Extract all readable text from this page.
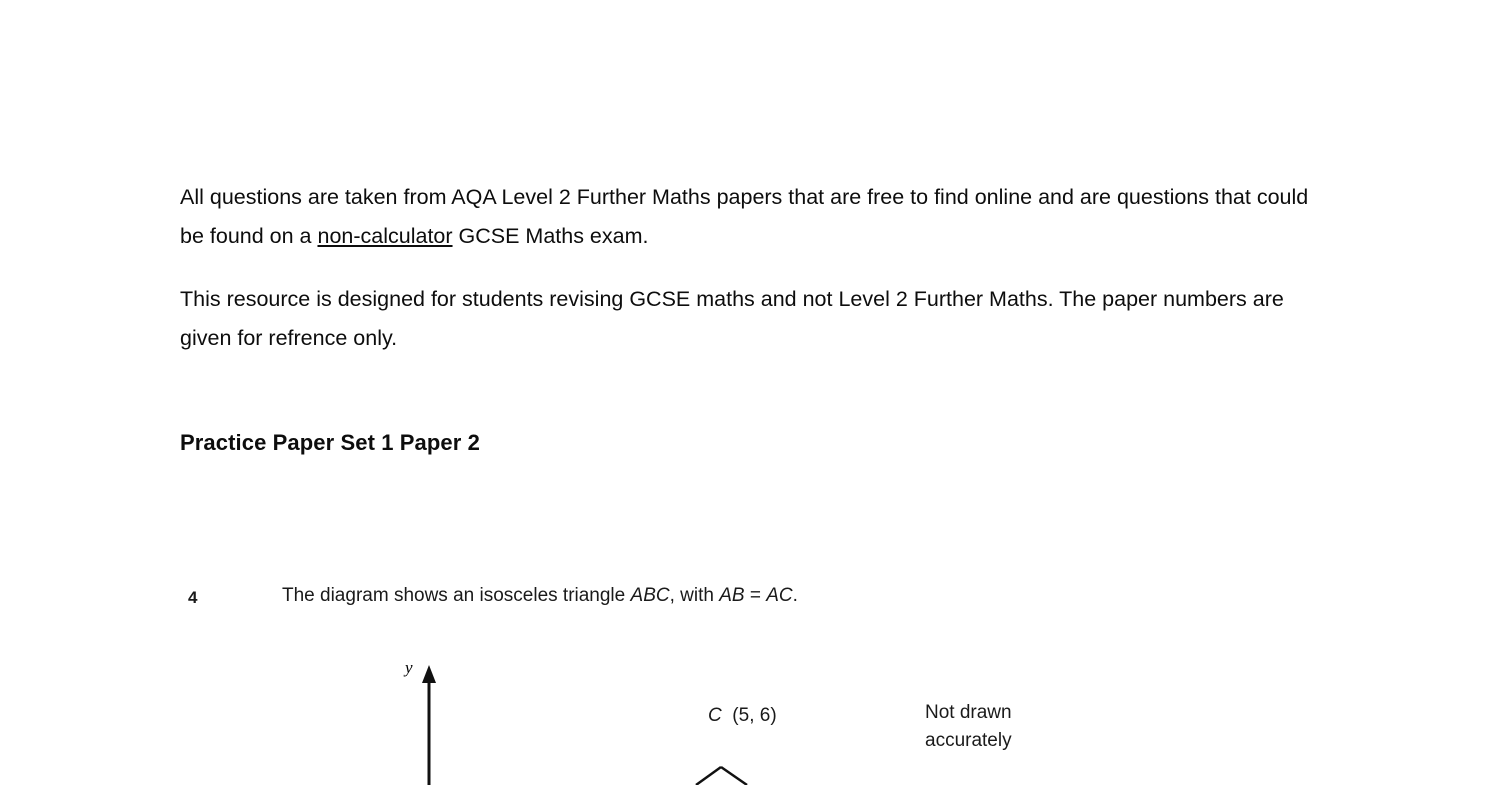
All questions are taken from AQA Level 2 Further Maths papers that are free to find online and are questions that could be found on a non-calculator GCSE Maths exam.

This resource is designed for students revising GCSE maths and not Level 2 Further Maths. The paper numbers are given for refrence only.

Practice Paper Set 1 Paper 2
4	The diagram shows an isosceles triangle ABC, with AB = AC.
y
C (5, 6)	Not drawn
accurately
